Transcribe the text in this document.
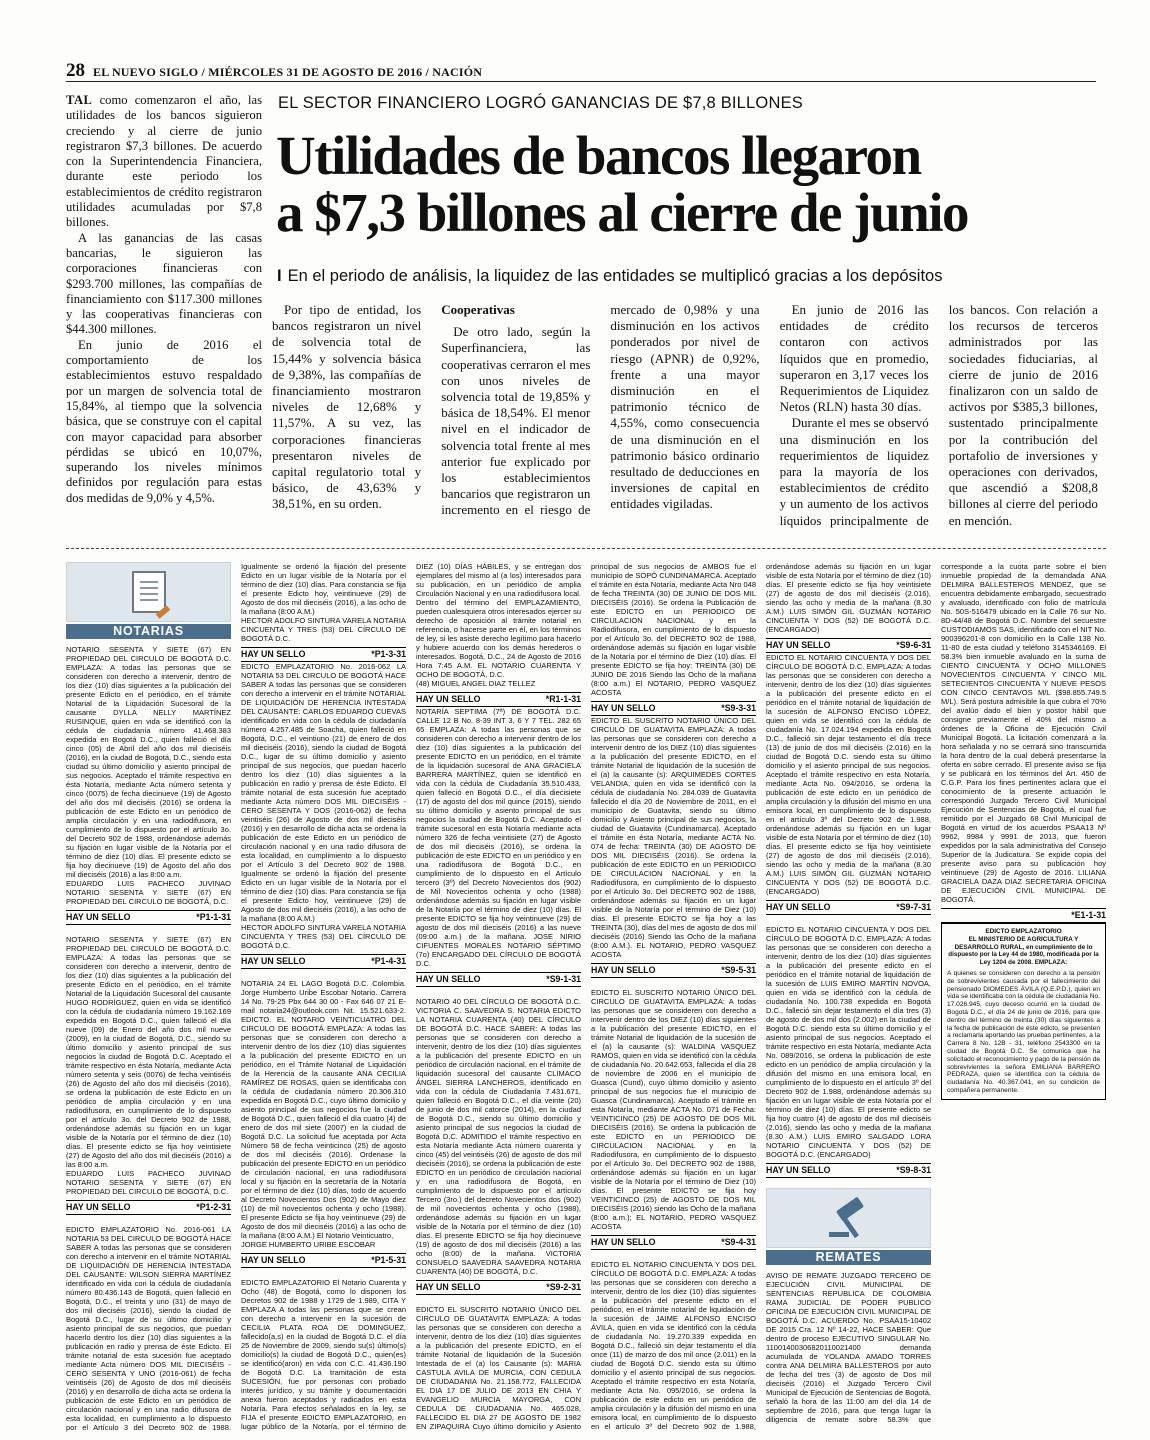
28 EL NUEVO SIGLO / MIÉRCOLES 31 DE AGOSTO DE 2016 / NACIÓN

TAL como comenzaron el año, las utilidades de los bancos siguieron creciendo y al cierre de junio registraron $7,3 billones. De acuerdo con la Superintendencia Financiera, durante este periodo los establecimientos de crédito registraron utilidades acumuladas por $7,8 billones.

A las ganancias de las casas bancarias, le siguieron las corporaciones financieras con $293.700 millones, las compañías de financiamiento con $117.300 millones y las cooperativas financieras con $44.300 millones.

En junio de 2016 el comportamiento de los establecimientos estuvo respaldado por un margen de solvencia total de 15,84%, al tiempo que la solvencia básica, que se construye con el capital con mayor capacidad para absorber pérdidas se ubicó en 10,07%, superando los niveles mínimos definidos por regulación para estas dos medidas de 9,0% y 4,5%.

EL SECTOR FINANCIERO LOGRÓ GANANCIAS DE $7,8 BILLONES
Utilidades de bancos llegaron
a $7,3 billones al cierre de junio
I En el periodo de análisis, la liquidez de las entidades se multiplicó gracias a los depósitos

Por tipo de entidad, los bancos registraron un nivel de solvencia total de 15,44% y solvencia básica de 9,38%, las compañías de financiamiento mostraron niveles de 12,68% y 11,57%. A su vez, las corporaciones financieras presentaron niveles de capital regulatorio total y básico, de 43,63% y 38,51%, en su orden.

Cooperativas

De otro lado, según la Superfinanciera, las cooperativas cerraron el mes con unos niveles de solvencia total de 19,85% y básica de 18,54%. El menor nivel en el indicador de solvencia total frente al mes anterior fue explicado por los establecimientos bancarios que registraron un incremento en el riesgo de mercado de 0,98% y una disminución en los activos ponderados por nivel de riesgo (APNR) de 0,92%, frente a una mayor disminución en el patrimonio técnico de 4,55%, como consecuencia de una disminución en el patrimonio básico ordinario resultado de deducciones en inversiones de capital en entidades vigiladas.

En junio de 2016 las entidades de crédito contaron con activos líquidos que en promedio, superaron en 3,17 veces los Requerimientos de Liquidez Netos (RLN) hasta 30 días.

Durante el mes se observó una disminución en los requerimientos de liquidez para la mayoría de los establecimientos de crédito y un aumento de los activos líquidos principalmente de los bancos. Con relación a los recursos de terceros administrados por las sociedades fiduciarias, al cierre de junio de 2016 finalizaron con un saldo de activos por $385,3 billones, sustentado principalmente por la contribución del portafolio de inversiones y operaciones con derivados, que ascendió a $208,8 billones al cierre del periodo en mención.

NOTARIAS
NOTARIO SESENTA Y SIETE (67) EN PROPIEDAD DEL CIRCULO DE BOGOTÁ D.C. EMPLAZA: A todas las personas que se consideren con derecho a intervenir, dentro de los diez (10) días siguientes a la publicación del presente Edicto en el periódico, en el trámite Notarial de la Liquidación Sucesoral de la causante DYLLA NELLY MARTÍNEZ RUSINQUE, quien en vida se identificó con la cédula de ciudadanía número 41.468.383 expedida en Bogotá D.C., quien falleció el día cinco (05) de Abril del año dos mil dieciséis (2016), en la ciudad de Bogotá, D.C., siendo esta ciudad su último domicilio y asiento principal de sus negocios. Aceptado el trámite respectivo en ésta Notaría, mediante Acta número setenta y cinco (0075) de fecha diecinueve (19) de Agosto del año dos mil dieciséis (2016) se ordena la publicación de este Edicto en un periódico de amplia circulación y en una radiodifusora, en cumplimiento de lo dispuesto por el artículo 3o. del Decreto 902 de 1988, ordenándose además su fijación en lugar visible de la Notaría por el término de diez (10) días. El presente edicto se fija hoy diecinueve (19) de Agosto del año dos mil dieciséis (2016) a las 8:00 a.m.
EDUARDO LUIS PACHECO JUVINAO NOTARIO SESENTA Y SIETE (67) EN PROPIEDAD DEL CIRCULO DE BOGOTÁ, D.C.
HAY UN SELLO	*P1-1-31
NOTARIO SESENTA Y SIETE (67) EN PROPIEDAD DEL CIRCULO DE BOGOTÁ D.C. EMPLAZA: A todas las personas que se consideren con derecho a intervenir, dentro de los diez (10) días siguientes a la publicación del presente Edicto en el periódico, en el trámite Notarial de la Liquidación Sucesoral del causante HUGO RODRÍGUEZ, quien en vida se identificó con la cédula de ciudadanía número 19.162.169 expedida en Bogotá D.C., quien falleció el día nueve (09) de Enero del año dos mil nueve (2009), en la ciudad de Bogotá, D.C., siendo su último domicilio y asiento principal de sus negocios la ciudad de Bogotá D.C. Aceptado el trámite respectivo en ésta Notaría, mediante Acta número setenta y seis (0076) de fecha veintiséis (26) de Agosto del año dos mil dieciséis (2016), se ordena la publicación de este Edicto en un periódico de amplia circulación y en una radiodifusora, en cumplimiento de lo dispuesto por el artículo 3o. del Decreto 902 de 1988, ordenándose además su fijación en un lugar visible de la Notaría por el término de diez (10) días. El presente edicto se fija hoy veintisiete (27) de Agosto del año dos mil dieciséis (2016) a las 8:00 a.m.
EDUARDO LUIS PACHECO JUVINAO NOTARIO SESENTA Y SIETE (67) EN PROPIEDAD DEL CIRCULO DE BOGOTÁ, D.C.
HAY UN SELLO	*P1-2-31
EDICTO EMPLAZATORIO No. 2016-061 LA NOTARIA 53 DEL CIRCULO DE BOGOTÁ HACE SABER A todas las personas que se consideren con derecho a intervenir en el trámite NOTARIAL DE LIQUIDACIÓN DE HERENCIA INTESTADA DEL CAUSANTE: WILSON SIERRA MARTÍNEZ identificado en vida con la cédula de ciudadanía número 80.436.143 de Bogotá, quien falleció en Bogotá, D.C., el treinta y uno (31) de mayo de dos mil dieciséis (2016), siendo la ciudad de Bogotá D.C., lugar de su último domicilio y asiento principal de sus negocios, que puedan hacerlo dentro los diez (10) días siguientes a la publicación en radio y prensa de éste Edicto. El trámite notarial de esta sucesión fue aceptado mediante Acta número DOS MIL DIECISÉIS - CERO SESENTA Y UNO (2016-061) de fecha veintiséis (26) de Agosto de dos mil dieciséis (2016) y en desarrollo de dicha acta se ordena la publicación de este Edicto en un periódico de circulación nacional y en una radio difusora de esta localidad, en cumplimiento a lo dispuesto por el Artículo 3 del Decreto 902 de 1988. Igualmente se ordenó la fijación del presente Edicto en un lugar visible de la Notaría por el término de diez (10) días. Para constancia se fija el presente Edicto hoy, veintinueve (29) de Agosto de dos mil dieciséis (2016), a las ocho de la mañana (8:00 A.M.)
HECTOR ADOLFO SINTURA VARELA NOTARIA CINCUENTA Y TRES (53) DEL CÍRCULO DE BOGOTÁ D.C.
HAY UN SELLO	*P1-3-31
EDICTO EMPLAZATORIO No. 2016-062 LA NOTARIA 53 DEL CIRCULO DE BOGOTÁ HACE SABER A todas las personas que se consideren con derecho a intervenir en el trámite NOTARIAL DE LIQUIDACIÓN DE HERENCIA INTESTADA DEL CAUSANTE: CARLOS EDUARDO CUEVAS identificado en vida con la cédula de ciudadanía número 4.257.485 de Soacha, quien falleció en Bogotá, D.C., el veintiuno (21) de enero de dos mil dieciséis (2016), siendo la ciudad de Bogotá D.C., lugar de su último domicilio y asiento principal de sus negocios, que puedan hacerlo dentro los diez (10) días siguientes a la publicación en radio y prensa de éste Edicto. El trámite notarial de esta sucesión fue aceptado mediante Acta número DOS MIL DIECISÉIS - CERO SESENTA Y DOS (2016-062) de fecha veintiséis (26) de Agosto de dos mil dieciséis (2016) y en desarrollo de dicha acta se ordena la publicación de este Edicto en un periódico de circulación nacional y en una radio difusora de esta localidad, en cumplimiento a lo dispuesto por el Artículo 3 del Decreto 902 de 1988. Igualmente se ordenó la fijación del presente Edicto en un lugar visible de la Notaría por el término de diez (10) días. Para constancia se fija el presente Edicto hoy, veintinueve (29) de Agosto de dos mil dieciséis (2016), a las ocho de la mañana (8:00 A.M.)
HECTOR ADOLFO SINTURA VARELA NOTARIA CINCUENTA Y TRES (53) DEL CÍRCULO DE BOGOTÁ D.C.
HAY UN SELLO	*P1-4-31
NOTARIA 24 EL LAGO Bogotá D.C. Colombia. Jorge Humberto Uribe Escobar Notario. Carrera 14 No. 79-25 Pbx 644 30 00 - Fax 646 07 21 E-mail notaria24@outlook.com Nit. 15.521.633-2. EDICTO. EL NOTARIO VEINTICUATRO DEL CIRCULO DE BOGOTÁ EMPLAZA: A todas las personas que se consideren con derecho a intervenir dentro de los diez (10) días siguientes a la publicación del presente EDICTO en un periódico, en el Trámite Notarial de Liquidación de la Herencia de la causante ANA CECILIA RAMÍREZ DE ROSAS, quien se identificaba con la cédula de ciudadanía número 20.306.310 expedida en Bogotá D.C., cuyo último domicilio y asiento principal de sus negocios fue la ciudad de Bogotá D.C., quien falleció el día cuatro (4) de enero de dos mil siete (2007) en la ciudad de Bogotá D.C. La solicitud fue aceptada por Acta Número 58 de fecha veinticinco (25) de agosto de dos mil dieciséis (2016). Ordenase la publicación del presente EDICTO en un periódico de circulación nacional, en una radiodifusora local y su fijación en la secretaría de la Notaría por el término de diez (10) días, todo de acuerdo al Decreto Novecientos Dos (902) de Mayo diez (10) de mil novecientos ochenta y ocho (1988). El presente Edicto se fija hoy veintinueve (29) de Agosto de dos mil dieciséis (2016) a las ocho de la mañana (8:00 A.M.) El Notario Veinticuatro,
JORGE HUMBERTO URIBE ESCOBAR
HAY UN SELLO	*P1-5-31
EDICTO EMPLAZATORIO El Notario Cuarenta y Ocho (48) de Bogotá, como lo disponen los Decretos 902 de 1988 y 1729 de 1.989, CITA Y EMPLAZA A todas las personas que se crean con derecho a intervenir en la sucesión de CECILIA PLATA ROA DE DOMINGUEZ, fallecido(a,s) en la ciudad de Bogotá D.C. el día 25 de Noviembre de 2009, siendo su(s) último(s) domicilio(s) la ciudad de Bogotá D.C., quien(es) se identificó(aron) en vida con C.C. 41.436.190 de Bogotá D.C. La tramitación de esta SUCESIÓN, fue por personas con probado interés jurídico, y su trámite y documentación anexa fueron aceptados y radicados en esta Notaría. Para efectos señalados en la ley, se FIJA el presente EDICTO EMPLAZATORIO, en lugar público de la Notaría, por el término de DIEZ (10) DÍAS HÁBILES, y se entregan dos ejemplares del mismo al (a los) interesados para su publicación, en un periódico de amplia Circulación Nacional y en una radiodifusora local. Dentro del término del EMPLAZAMIENTO, pueden cualesquiera otros interesados ejercer su derecho de oposición al trámite notarial en referencia, o hacerse parte en él, en los términos de ley, si les asiste derecho legítimo para hacerlo y hubiere acuerdo con los demás herederos o interesados. Bogotá, D.C., 24 de Agosto de 2016 Hora 7:45 A.M. EL NOTARIO CUARENTA Y OCHO DE BOGOTÁ, D.C.
(48) MIGUEL ANGEL DIAZ TELLEZ
HAY UN SELLO	*R1-1-31
NOTARÍA SEPTIMA (7ª) DE BOGOTÁ D.C. CALLE 12 B No. 8-39 INT 3, 6 Y 7 TEL. 282 65 65 EMPLAZA: A todas las personas que se consideren con derecho a intervenir dentro de los diez (10) días siguientes a la publicación del presente EDICTO en un periódico, en el trámite de la liquidación sucesoral de ANA GRACIELA BARRERA MARTÍNEZ, quien se identificó en vida con la cédula de Ciudadanía 35.510.433, quien falleció en Bogotá D.C., el día diecisiete (17) de agosto del dos mil quince (2015), siendo su último domicilio y asiento principal de sus negocios la ciudad de Bogotá D.C. Aceptado el trámite sucesoral en esta Notaría mediante acta número 326 de fecha veintisiete (27) de Agosto de dos mil dieciséis (2016), se ordena la publicación de este EDICTO en un periódico y en una radiodifusora de Bogotá D.C., en cumplimiento de lo dispuesto en el Artículo tercero (3º) del Decreto Novecientos dos (902) de Mil Novecientos ochenta y ocho (1988) ordenándose además su fijación en lugar visible de la Notaría por el término de diez (10) días. El presente EDICTO se fija hoy veintinueve (29) de agosto de dos mil dieciséis (2016) a las nueve (09:00 a.m.) de la mañana. JOSE NIRIO CIFUENTES MORALES NOTARIO SÉPTIMO (7o) ENCARGADO DEL CÍRCULO DE BOGOTÁ D.C.
HAY UN SELLO	*S9-1-31
NOTARIO 40 DEL CÍRCULO DE BOGOTÁ D.C. VICTORIA C. SAAVEDRA S. NOTARIA EDICTO LA NOTARIA CUARENTA (40) DEL CÍRCULO DE BOGOTÁ D.C. HACE SABER: A todas las personas que se consideren con derecho a intervenir, dentro de los diez (10) días siguientes a la publicación del presente EDICTO en un periódico de circulación nacional, en el trámite de liquidación sucesoral del causante CLIMACO ÁNGEL SIERRA LANCHEROS, identificado en vida con la cédula de Ciudadanía 7.431.671, quien falleció en Bogotá D.C., el día veinte (20) de junio de dos mil catorce (2014), en la ciudad de Bogotá D.C., siendo su último domicilio y asiento principal de sus negocios la ciudad de Bogotá D.C. ADMITIDO el trámite respectivo en esta Notaría mediante Acta número cuarenta y cinco (45) del veintiséis (26) de agosto de dos mil dieciséis (2016), se ordena la publicación de este EDICTO en un periódico de circulación nacional y en una radiodifusora de Bogotá, en cumplimiento de lo dispuesto por el artículo Tercero (3ro.) del decreto Novecientos dos (902) de mil novecientos ochenta y ocho (1988), ordenándose además su fijación en un lugar visible de la Notaría por el término de diez (10) días. El presente EDICTO se fija hoy diecinueve (19) de agosto de dos mil dieciséis (2016) a las ocho (8:00) de la mañana. VICTORIA CONSUELO SAAVEDRA SAAVEDRA NOTARIA CUARENTA (40) DE BOGOTÁ, D.C.
HAY UN SELLO	*S9-2-31
EDICTO EL SUSCRITO NOTARIO ÚNICO DEL CIRCULO DE GUATAVITA EMPLAZA: A todas las personas que se consideren con derecho a intervenir, dentro de los diez (10) días siguientes a la publicación del presente EDICTO, en el trámite Notarial de liquidación de la Sucesión Intestada de el (a) los Causante (s): MARIA CASTULA AVILA DE MURCIA, CON CEDULA DE CIUDADANIA No. 21.158.772, FALLECIDA EL DIA 17 DE JULIO DE 2013 EN CHIA Y EVANGELIO MURCIA MAYORGA, CON CEDULA DE CIUDADANIA No. 465.028, FALLECIDO EL DIA 27 DE AGOSTO DE 1982 EN ZIPAQUIRA Cuyo último domicilio y Asiento principal de sus negocios de AMBOS fue el municipio de SOPÓ CUNDINAMARCA. Aceptado el trámite en ésta Notaría, mediante Acta Nro 048 de fecha TREINTA (30) DE JUNIO DE DOS MIL DIECISÉIS (2016). Se ordena la Publicación de este EDICTO en un PERIODICO DE CIRCULACION NACIONAL y en la Radiodifusora, en cumplimiento de lo dispuesto por el Artículo 3o. del DECRETO 902 de 1988, ordenándose además su fijación en lugar visible de la Notaría por el término de Diez (10) días. El presente EDICTO se fija hoy: TREINTA (30) DE JUNIO DE 2016 Siendo las Ocho de la mañana (8:00 a.m.) El NOTARIO, PEDRO VASQUEZ ACOSTA
HAY UN SELLO	*S9-3-31
EDICTO EL SUSCRITO NOTARIO ÚNICO DEL CIRCULO DE GUATAVITA EMPLAZA: A todas las personas que se consideren con derecho a intervenir dentro de los DIEZ (10) días siguientes a la publicación del presente EDICTO, en el trámite Notarial de liquidación de la sucesión de el (a) la causante (s): ARQUIMEDES CORTES VELANDIA, quien en vida se identificó con la cédula de ciudadanía No. 284.039 de Guatavita fallecido el día 20 de Noviembre de 2011, en el municipio de Guatavita, siendo su último domicilio y Asiento principal de sus negocios, la ciudad de Guatavita (Cundinamarca). Aceptado el trámite en ésta Notaría, mediante ACTA No. 074 de fecha: TREINTA (30) DE AGOSTO DE DOS MIL DIECISÉIS (2016). Se ordena la publicación de este EDICTO en un PERIODICO DE CIRCULACION NACIONAL y en la Radiodifusora, en cumplimiento de lo dispuesto por el Artículo 3o. Del DECRETO 902 de 1988, ordenándose además su fijación en un lugar visible de la Notaría por el término de Diez (10) días. El presente EDICTO se fija hoy a las TREINTA (30), días del mes de agosto de dos mil dieciséis (2016) Siendo las Ocho de la mañana (8:00 A.M.). EL NOTARIO, PEDRO VASQUEZ ACOSTA
HAY UN SELLO	*S9-5-31
EDICTO EL SUSCRITO NOTARIO ÚNICO DEL CIRCULO DE GUATAVITA EMPLAZA: A todas las personas que se consideren con derecho a intervenir dentro de los DIEZ (10) días siguientes a la publicación del presente EDICTO, en el trámite Notarial de liquidación de la sucesión de el (a) la causante (s): WALDINA VASQUEZ RAMOS, quien en vida se identificó con la cédula de ciudadanía No. 20.642.653, fallecida el día 28 de noviembre de 2006 en el municipio de Guasca (Cund), cuyo último domicilio y asiento principal de sus negocios fue el municipio de Guasca (Cundinamarca). Aceptado el trámite en esta Notaría, mediante ACTA No. 071 de Fecha: VEINTICINCO (25) DE AGOSTO DE DOS MIL DIECISÉIS (2016). Se ordena la publicación de este EDICTO en un PERIODICO DE CIRCULACION NACIONAL y en la Radiodifusora, en cumplimiento de lo dispuesto por el Artículo 3o. Del DECRETO 902 de 1988, ordenándose además su fijación en un lugar visible de la Notaría por el término de Diez (10) días. El presente EDICTO se fija hoy VEINTICINCO (25) de AGOSTO DE DOS MIL DIECISÉIS (2016) siendo las Ocho de la mañana (8:00 a.m.); EL NOTARIO, PEDRO VASQUEZ ACOSTA
HAY UN SELLO	*S9-4-31
EDICTO EL NOTARIO CINCUENTA Y DOS DEL CÍRCULO DE BOGOTÁ D.C. EMPLAZA: A todas las personas que se consideren con derecho a intervenir, dentro de los diez (10) días siguientes a la publicación del presente edicto en el periódico, en el trámite notarial de liquidación de la sucesión de JAIME ALFONSO ENCISO ÁVILA, quien en vida se identificó con la cédula de ciudadanía No. 19.270.339 expedida en Bogotá D.C., falleció sin dejar testamento el día once (11) de marzo de dos mil once (2.011) en la ciudad de Bogotá D.C. siendo esta su último domicilio y el asiento principal de sus negocios. Aceptado el trámite respectivo en esta Notaría, mediante Acta No. 095/2016, se ordena la publicación de este edicto en un periódico de amplia circulación y la difusión del mismo en una emisora local, en cumplimiento de lo dispuesto en el artículo 3º del Decreto 902 de 1.988, ordenándose además su fijación en un lugar visible de esta Notaría por el término de diez (10) días. El presente edicto se fija hoy veintisiete (27) de agosto de dos mil dieciséis (2.016), siendo las ocho y media de la mañana (8.30 A.M.) LUIS SIMÓN GIL GUZMÁN NOTARIO CINCUENTA Y DOS (52) DE BOGOTÁ D.C. (ENCARGADO)
HAY UN SELLO	*S9-6-31
EDICTO EL NOTARIO CINCUENTA Y DOS DEL CÍRCULO DE BOGOTÁ D.C. EMPLAZA: A todas las personas que se consideren con derecho a intervenir, dentro de los diez (10) días siguientes a la publicación del presente edicto en el periódico en el trámite notarial de liquidación de la sucesión de ALFONSO ENCISO LÓPEZ, quien en vida se identificó con la cédula de ciudadanía No. 17.024.194 expedida en Bogotá D.C., falleció sin dejar testamento el día trece (13) de junio de dos mil dieciséis (2.016) en la ciudad de Bogotá D.C. siendo esta su último domicilio y el asiento principal de sus negocios. Aceptado el trámite respectivo en esta Notaría, mediante Acta No. 094/2016, se ordena la publicación de este edicto en un periódico de amplia circulación y la difusión del mismo en una emisora local, en cumplimiento de lo dispuesto en el artículo 3º del Decreto 902 de 1.988, ordenándose además su fijación en un lugar visible de esta Notaría por el término de diez (10) días. El presente edicto se fija hoy veintisiete (27) de agosto de dos mil dieciséis (2.016), siendo las ocho y media de la mañana (8.30 A.M.) LUIS SIMÓN GIL GUZMÁN NOTARIO CINCUENTA Y DOS (52) DE BOGOTÁ D.C. (ENCARGADO)
HAY UN SELLO	*S9-7-31
EDICTO EL NOTARIO CINCUENTA Y DOS DEL CÍRCULO DE BOGOTÁ D.C. EMPLAZA: A todas las personas que se consideren con derecho a intervenir, dentro de los diez (10) días siguientes a la publicación del presente edicto en el periódico en el trámite notarial de liquidación de la sucesión de LUIS EMIRO MARTÍN NOVOA, quien en vida se identificó con la cédula de ciudadanía No. 100.738 expedida en Bogotá D.C., falleció sin dejar testamento el día tres (3) de agosto de dos mil dos (2.002) en la ciudad de Bogotá D.C. siendo esta su último domicilio y el asiento principal de sus negocios. Aceptado el trámite respectivo en esta Notaría, mediante Acta No. 089/2016, se ordena la publicación de este edicto en un periódico de amplia circulación y la difusión del mismo en una emisora local, en cumplimiento de lo dispuesto en el artículo 3º del Decreto 902 de 1.988, ordenándose además su fijación en un lugar visible de esta Notaría por el término de diez (10) días. El presente edicto se fija hoy cuatro (4) de agosto de dos mil dieciséis (2.016), siendo las ocho y media de la mañana (8.30 A.M.) LUIS EMIRO SALGADO LORA NOTARIO CINCUENTA Y DOS (52) DE BOGOTÁ D.C. (ENCARGADO)
HAY UN SELLO	*S9-8-31
REMATES
AVISO DE REMATE JUZGADO TERCERO DE EJECUCIÓN CIVIL MUNICIPAL DE SENTENCIAS REPUBLICA DE COLOMBIA RAMA JUDICIAL DE PODER PUBLICO OFICINA DE EJECUCIÓN CIVIL MUNICIPAL DE BOGOTÁ D.C. ACUERDO No. PSAA15-10402 DE 2015 Cra. 12 Nº 14-22, HACE SABER: Que dentro de proceso EJECUTIVO SINGULAR No. 11001400306820110021400 demanda acumulada de YOLANDA AMADO TORRES contra ANA DELMIRA BALLESTEROS por auto de fecha del tres (3) de agosto de Dos mil dieciséis (2016) el Juzgado Tercero Civil Municipal de Ejecución de Sentencias de Bogotá, señaló la hora de las 11:00 am del día 14 de septiembre de 2016, para que tenga lugar la diligencia de remate sobre 58.3% que corresponde a la cuota parte sobre el bien inmueble propiedad de la demandada ANA DELMIRA BALLESTEROS MENDEZ, que se encuentra debidamente embargado, secuestrado y avaluado, identificado con folio de matrícula No. 50S-516479 ubicado en la Calle 76 sur No. 8D-44/48 de Bogotá D.C. Nombre del secuestre CUSTODIAMOS SAS, identificado con el NIT No. 900396201-8 con domicilio en la Calle 138 No. 11-80 de esta ciudad y teléfono 3145346169. El 58.3% bien inmueble avaluado en la suma de CIENTO CINCUENTA Y OCHO MILLONES NOVECIENTOS CINCUENTA Y CINCO MIL SETECIENTOS CINCUENTA Y NUEVE PESOS CON CINCO CENTAVOS M/L ($98.855.749.5 M/L). Será postura admisible la que cubra el 70% del avalúo dado el bien y postor hábil que consigne previamente el 40% del mismo a órdenes de la Oficina de Ejecución Civil Municipal Bogotá. La licitación comenzará a la hora señalada y no se cerrará sino transcurrida la hora dentro de la cual deberá presentarse la oferta en sobre cerrado. El presente aviso se fija y se publicará en los términos del Art. 450 de C.G.P. Para los fines pertinentes aclara que el conocimiento de la presente actuación le correspondió Juzgado Tercero Civil Municipal Ejecución de Sentencias de Bogotá, el cual fue remitido por el Juzgado 68 Civil Municipal de Bogotá en virtud de los acuerdos PSAA13 Nº 9962, 9984 y 9991 de 2013, que fueron expedidos por la sala administrativa del Consejo Superior de la Judicatura. Se expide copia del presente aviso para su publicación hoy veintinueve (29) de Agosto de 2016. LILIANA GRACIELA DAZA DIAZ SECRETARIA OFICINA DE EJECUCIÓN CIVIL MUNICIPAL DE BOGOTÁ.
*E1-1-31
EDICTO EMPLAZATORIO
EL MINISTERIO DE AGRICULTURA Y DESARROLLO RURAL, en cumplimiento de lo dispuesto por la Ley 44 de 1980, modificada por la Ley 1204 de 2008. EMPLAZA:
A quienes se consideren con derecho a la pensión de sobrevivientes causada por el fallecimiento del pensionado DIOMEDES ÁVILA (Q.E.P.D.), quien en vida se identificaba con la cédula de ciudadanía No. 17.026.945, cuyo deceso ocurrió en la ciudad de Bogotá D.C., el día 24 de junio de 2016, para que dentro del término de treinta (30) días siguientes a la fecha de publicación de éste edicto, se presenten a reclamarla aportando las pruebas pertinentes, a la Carrera 8 No. 12B - 31, teléfono 2543300 en la ciudad de Bogotá D.C. Se comunica que ha solicitado el reconocimiento y pago de la pensión de sobrevivientes la señora EMILIANA BARRERO PEDRAZA, quien se identifica con la cédula de ciudadanía No. 40.367.041, en su condición de compañera permanente.
